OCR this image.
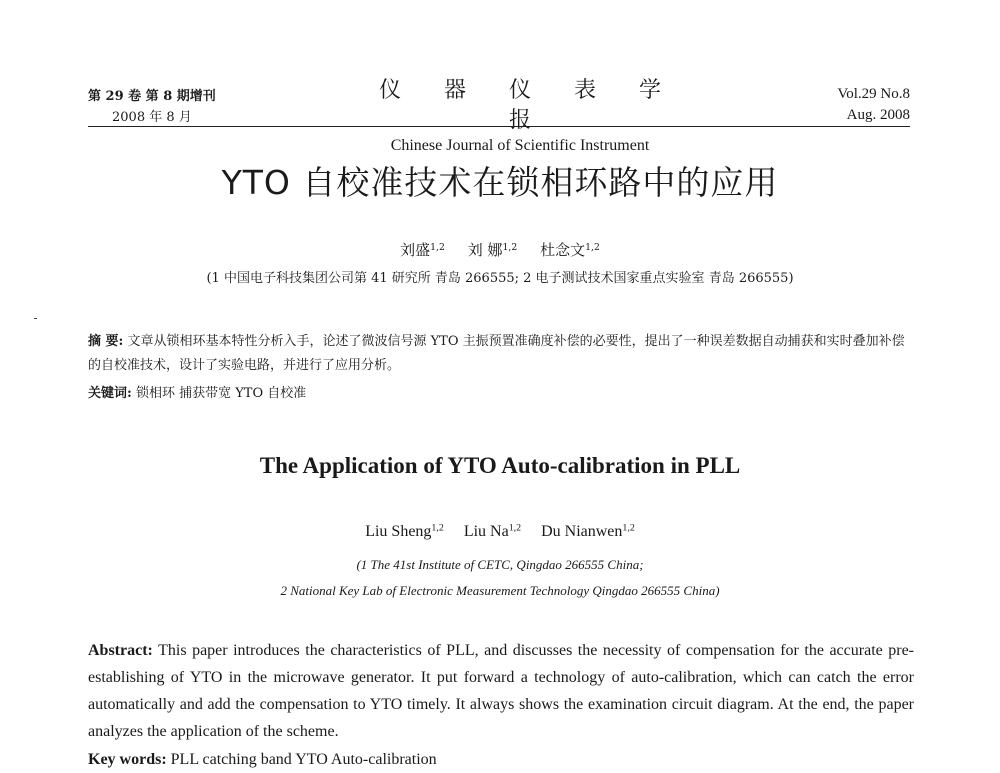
第 29 卷 第 8 期增刊
2008 年 8 月
仪 器 仪 表 学 报
Chinese Journal of Scientific Instrument
Vol.29 No.8
Aug. 2008
YTO 自校准技术在锁相环路中的应用
刘盛$^{1,2}$ 刘 娜$^{1,2}$ 杜念文$^{1,2}$
(1 中国电子科技集团公司第 41 研究所 青岛 266555; 2 电子测试技术国家重点实验室 青岛 266555)
摘 要: 文章从锁相环基本特性分析入手，论述了微波信号源 YTO 主振预置准确度补偿的必要性，提出了一种误差数据自动捕获和实时叠加补偿的自校准技术，设计了实验电路，并进行了应用分析。
关键词: 锁相环 捕获带宽 YTO 自校准
The Application of YTO Auto-calibration in PLL
Liu Sheng$^{1,2}$ Liu Na$^{1,2}$ Du Nianwen$^{1,2}$
(1 The 41st Institute of CETC, Qingdao 266555 China;
2 National Key Lab of Electronic Measurement Technology Qingdao 266555 China)
Abstract: This paper introduces the characteristics of PLL, and discusses the necessity of compensation for the accurate pre-establishing of YTO in the microwave generator. It put forward a technology of auto-calibration, which can catch the error automatically and add the compensation to YTO timely. It always shows the examination circuit diagram. At the end, the paper analyzes the application of the scheme.
Key words: PLL catching band YTO Auto-calibration
